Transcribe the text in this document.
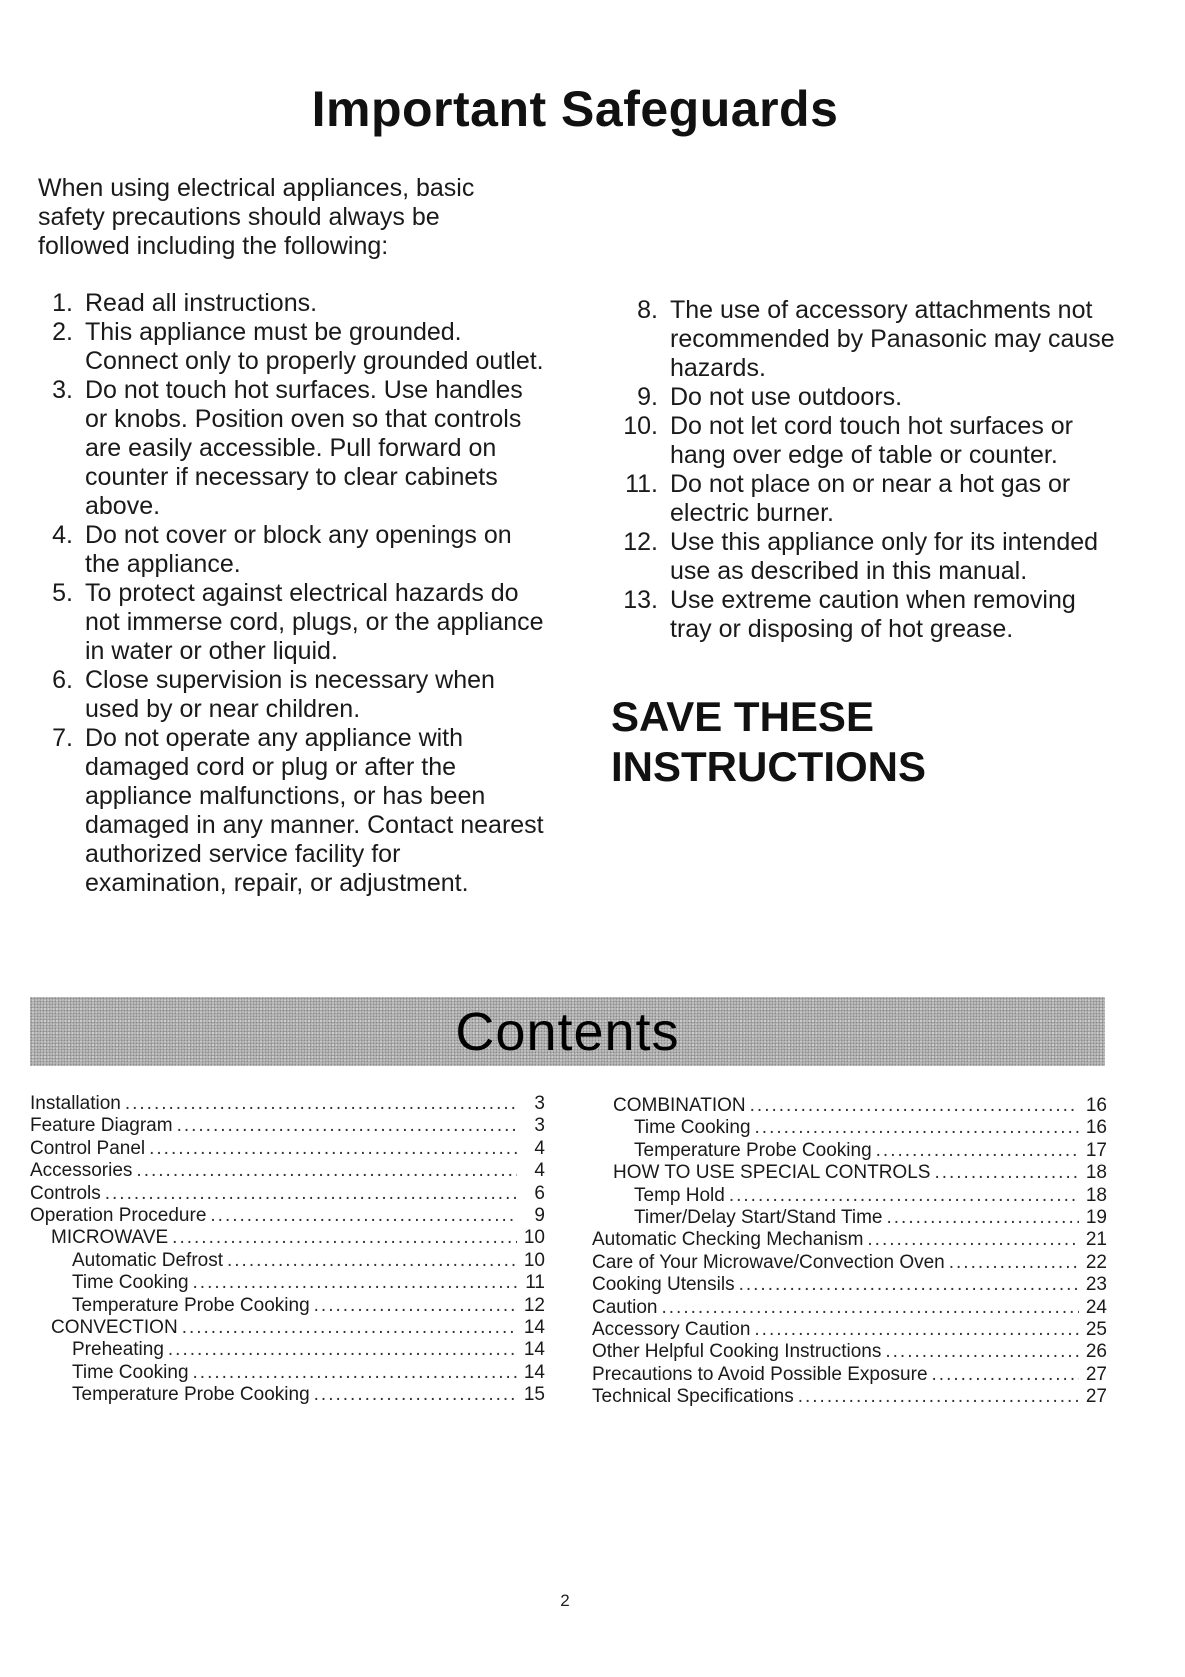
Important Safeguards
When using electrical appliances, basic safety precautions should always be followed including the following:
1. Read all instructions.
2. This appliance must be grounded. Connect only to properly grounded outlet.
3. Do not touch hot surfaces. Use handles or knobs. Position oven so that controls are easily accessible. Pull forward on counter if necessary to clear cabinets above.
4. Do not cover or block any openings on the appliance.
5. To protect against electrical hazards do not immerse cord, plugs, or the appliance in water or other liquid.
6. Close supervision is necessary when used by or near children.
7. Do not operate any appliance with damaged cord or plug or after the appliance malfunctions, or has been damaged in any manner. Contact nearest authorized service facility for examination, repair, or adjustment.
8. The use of accessory attachments not recommended by Panasonic may cause hazards.
9. Do not use outdoors.
10. Do not let cord touch hot surfaces or hang over edge of table or counter.
11. Do not place on or near a hot gas or electric burner.
12. Use this appliance only for its intended use as described in this manual.
13. Use extreme caution when removing tray or disposing of hot grease.
SAVE THESE
INSTRUCTIONS
Contents
Installation .....	3
Feature Diagram .....	3
Control Panel .....	4
Accessories .....	4
Controls .....	6
Operation Procedure .....	9
MICROWAVE .....	10
Automatic Defrost .....	10
Time Cooking .....	11
Temperature Probe Cooking .....	12
CONVECTION .....	14
Preheating .....	14
Time Cooking .....	14
Temperature Probe Cooking .....	15
COMBINATION .....	16
Time Cooking .....	16
Temperature Probe Cooking .....	17
HOW TO USE SPECIAL CONTROLS .....	18
Temp Hold .....	18
Timer/Delay Start/Stand Time .....	19
Automatic Checking Mechanism .....	21
Care of Your Microwave/Convection Oven .....	22
Cooking Utensils .....	23
Caution .....	24
Accessory Caution .....	25
Other Helpful Cooking Instructions .....	26
Precautions to Avoid Possible Exposure .....	27
Technical Specifications .....	27
2
